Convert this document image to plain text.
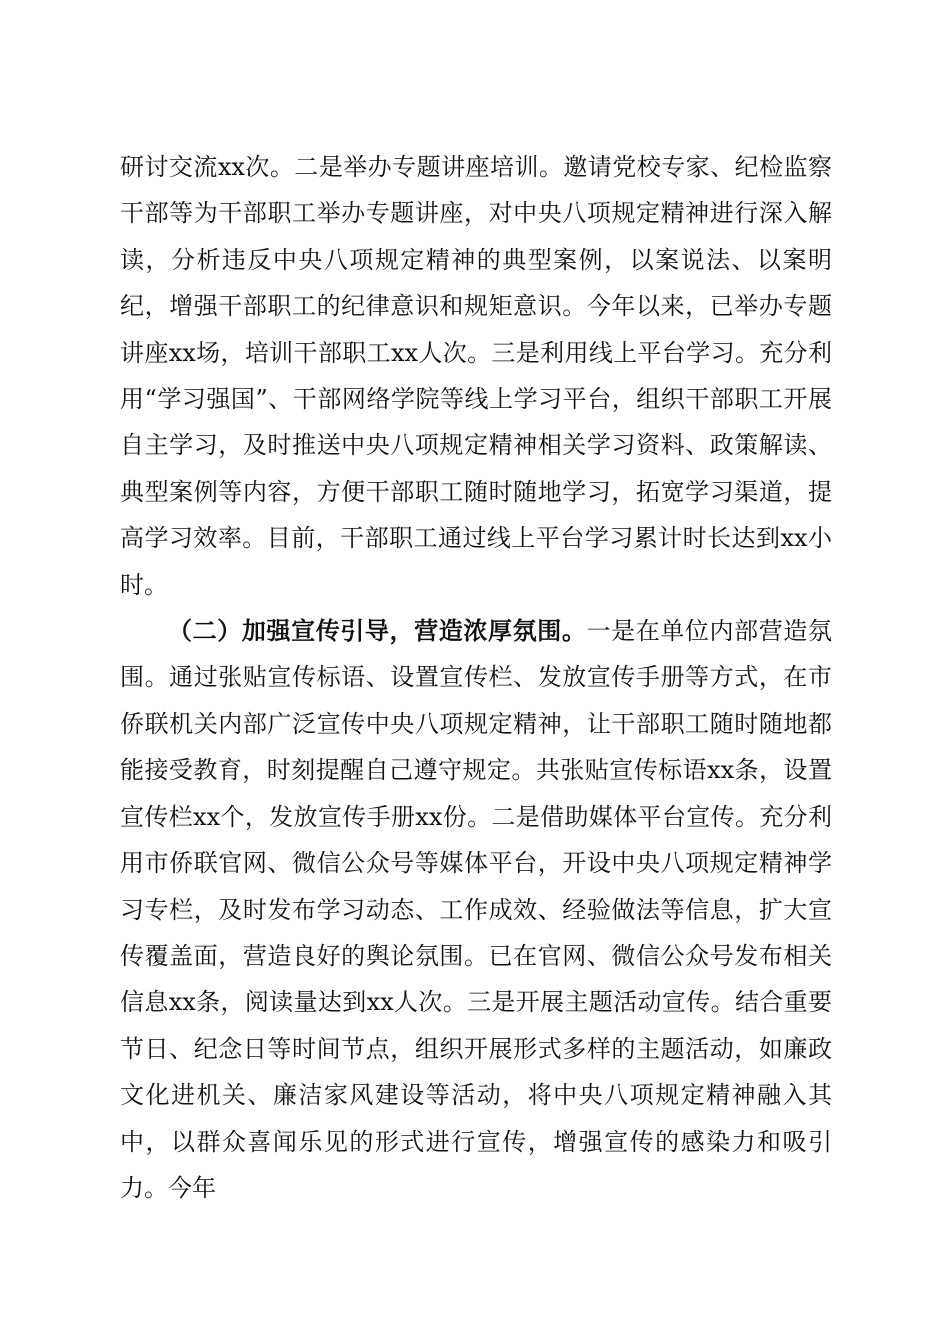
研讨交流xx次。二是举办专题讲座培训。邀请党校专家、纪检监察干部等为干部职工举办专题讲座，对中央八项规定精神进行深入解读，分析违反中央八项规定精神的典型案例，以案说法、以案明纪，增强干部职工的纪律意识和规矩意识。今年以来，已举办专题讲座xx场，培训干部职工xx人次。三是利用线上平台学习。充分利用“学习强国”、干部网络学院等线上学习平台，组织干部职工开展自主学习，及时推送中央八项规定精神相关学习资料、政策解读、典型案例等内容，方便干部职工随时随地学习，拓宽学习渠道，提高学习效率。目前，干部职工通过线上平台学习累计时长达到xx小时。

（二）加强宣传引导，营造浓厚氛围。一是在单位内部营造氛围。通过张贴宣传标语、设置宣传栏、发放宣传手册等方式，在市侨联机关内部广泛宣传中央八项规定精神，让干部职工随时随地都能接受教育，时刻提醒自己遵守规定。共张贴宣传标语xx条，设置宣传栏xx个，发放宣传手册xx份。二是借助媒体平台宣传。充分利用市侨联官网、微信公众号等媒体平台，开设中央八项规定精神学习专栏，及时发布学习动态、工作成效、经验做法等信息，扩大宣传覆盖面，营造良好的舆论氛围。已在官网、微信公众号发布相关信息xx条，阅读量达到xx人次。三是开展主题活动宣传。结合重要节日、纪念日等时间节点，组织开展形式多样的主题活动，如廉政文化进机关、廉洁家风建设等活动，将中央八项规定精神融入其中，以群众喜闻乐见的形式进行宣传，增强宣传的感染力和吸引力。今年
